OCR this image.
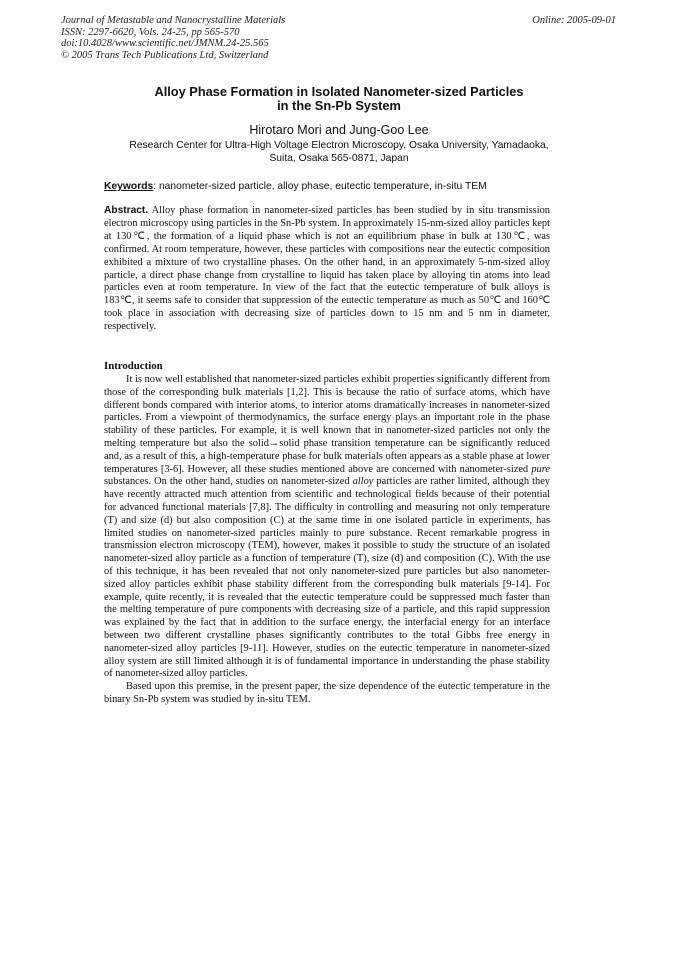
Journal of Metastable and Nanocrystalline Materials
ISSN: 2297-6620, Vols. 24-25, pp 565-570
doi:10.4028/www.scientific.net/JMNM.24-25.565
© 2005 Trans Tech Publications Ltd, Switzerland
Online: 2005-09-01
Alloy Phase Formation in Isolated Nanometer-sized Particles
in the Sn-Pb System
Hirotaro Mori and Jung-Goo Lee
Research Center for Ultra-High Voltage Electron Microscopy, Osaka University, Yamadaoka,
Suita, Osaka 565-0871, Japan
Keywords: nanometer-sized particle, alloy phase, eutectic temperature, in-situ TEM
Abstract. Alloy phase formation in nanometer-sized particles has been studied by in situ transmission electron microscopy using particles in the Sn-Pb system. In approximately 15-nm-sized alloy particles kept at 130℃, the formation of a liquid phase which is not an equilibrium phase in bulk at 130℃, was confirmed. At room temperature, however, these particles with compositions near the eutectic composition exhibited a mixture of two crystalline phases. On the other hand, in an approximately 5-nm-sized alloy particle, a direct phase change from crystalline to liquid has taken place by alloying tin atoms into lead particles even at room temperature. In view of the fact that the eutectic temperature of bulk alloys is 183℃, it seems safe to consider that suppression of the eutectic temperature as much as 50℃ and 160℃ took place in association with decreasing size of particles down to 15 nm and 5 nm in diameter, respectively.
Introduction

It is now well established that nanometer-sized particles exhibit properties significantly different from those of the corresponding bulk materials [1,2]. This is because the ratio of surface atoms, which have different bonds compared with interior atoms, to interior atoms dramatically increases in nanometer-sized particles. From a viewpoint of thermodynamics, the surface energy plays an important role in the phase stability of these particles. For example, it is well known that in nanometer-sized particles not only the melting temperature but also the solid→solid phase transition temperature can be significantly reduced and, as a result of this, a high-temperature phase for bulk materials often appears as a stable phase at lower temperatures [3-6]. However, all these studies mentioned above are concerned with nanometer-sized pure substances. On the other hand, studies on nanometer-sized alloy particles are rather limited, although they have recently attracted much attention from scientific and technological fields because of their potential for advanced functional materials [7,8]. The difficulty in controlling and measuring not only temperature (T) and size (d) but also composition (C) at the same time in one isolated particle in experiments, has limited studies on nanometer-sized particles mainly to pure substance. Recent remarkable progress in transmission electron microscopy (TEM), however, makes it possible to study the structure of an isolated nanometer-sized alloy particle as a function of temperature (T), size (d) and composition (C). With the use of this technique, it has been revealed that not only nanometer-sized pure particles but also nanometer-sized alloy particles exhibit phase stability different from the corresponding bulk materials [9-14]. For example, quite recently, it is revealed that the eutectic temperature could be suppressed much faster than the melting temperature of pure components with decreasing size of a particle, and this rapid suppression was explained by the fact that in addition to the surface energy, the interfacial energy for an interface between two different crystalline phases significantly contributes to the total Gibbs free energy in nanometer-sized alloy particles [9-11]. However, studies on the eutectic temperature in nanometer-sized alloy system are still limited although it is of fundamental importance in understanding the phase stability of nanometer-sized alloy particles.

Based upon this premise, in the present paper, the size dependence of the eutectic temperature in the binary Sn-Pb system was studied by in-situ TEM.
